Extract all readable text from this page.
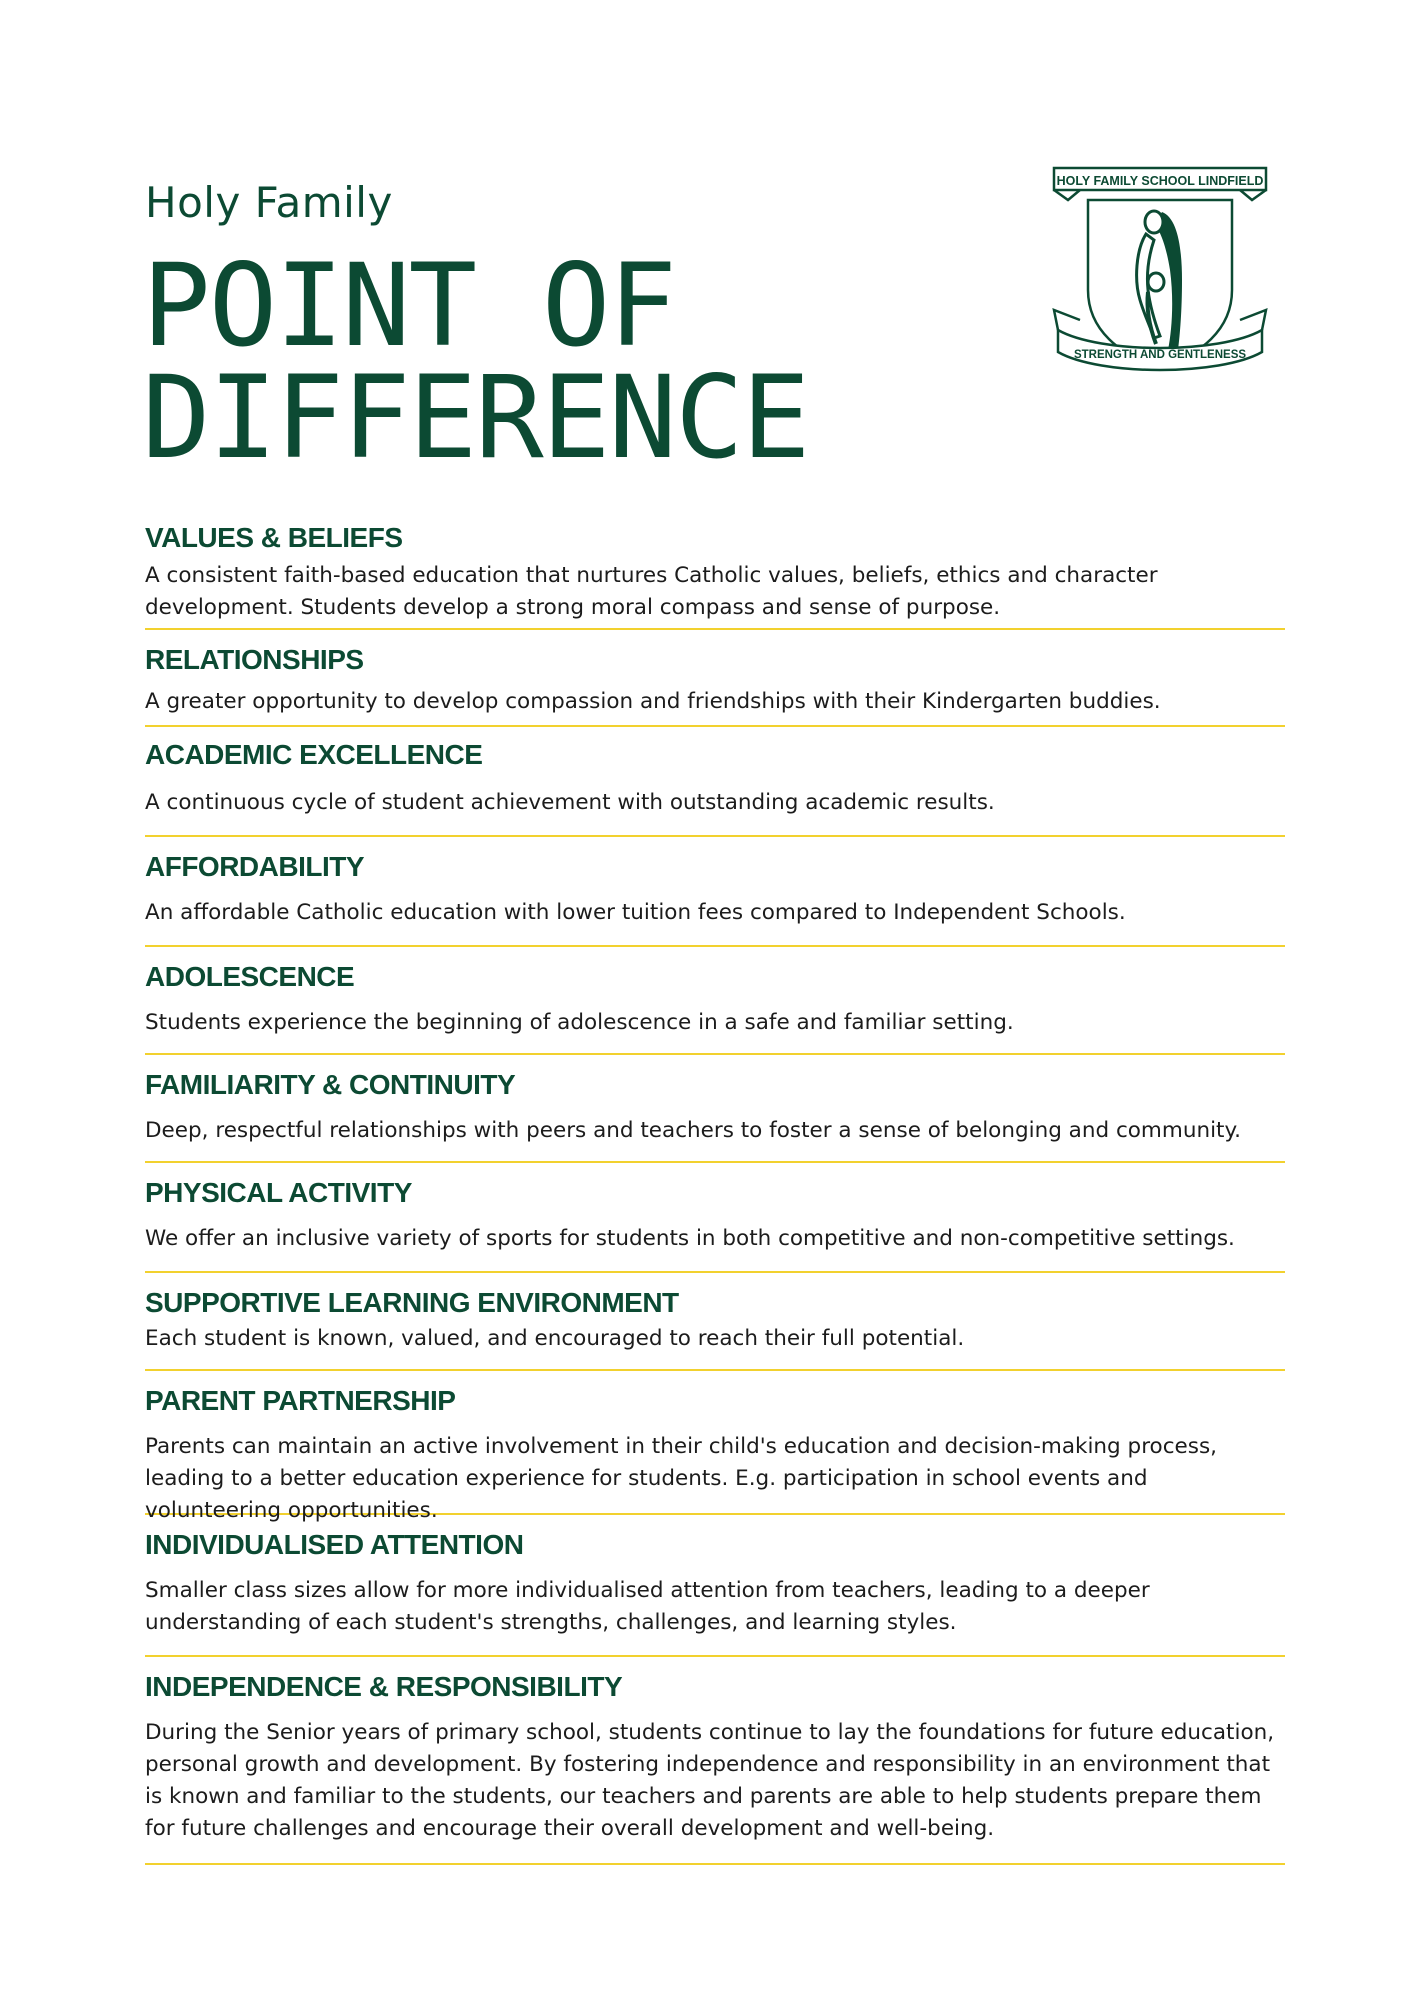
Holy Family
POINT OF
DIFFERENCE
HOLY FAMILY SCHOOL LINDFIELD
STRENGTH AND GENTLENESS
VALUES & BELIEFS

A consistent faith-based education that nurtures Catholic values, beliefs, ethics and character development. Students develop a strong moral compass and sense of purpose.

RELATIONSHIPS

A greater opportunity to develop compassion and friendships with their Kindergarten buddies.

ACADEMIC EXCELLENCE

A continuous cycle of student achievement with outstanding academic results.

AFFORDABILITY

An affordable Catholic education with lower tuition fees compared to Independent Schools.

ADOLESCENCE

Students experience the beginning of adolescence in a safe and familiar setting.

FAMILIARITY & CONTINUITY

Deep, respectful relationships with peers and teachers to foster a sense of belonging and community.

PHYSICAL ACTIVITY

We offer an inclusive variety of sports for students in both competitive and non-competitive settings.

SUPPORTIVE LEARNING ENVIRONMENT

Each student is known, valued, and encouraged to reach their full potential.

PARENT PARTNERSHIP

Parents can maintain an active involvement in their child's education and decision-making process, leading to a better education experience for students. E.g. participation in school events and volunteering opportunities.

INDIVIDUALISED ATTENTION

Smaller class sizes allow for more individualised attention from teachers, leading to a deeper understanding of each student's strengths, challenges, and learning styles.

INDEPENDENCE & RESPONSIBILITY

During the Senior years of primary school, students continue to lay the foundations for future education, personal growth and development. By fostering independence and responsibility in an environment that is known and familiar to the students, our teachers and parents are able to help students prepare them for future challenges and encourage their overall development and well-being.
